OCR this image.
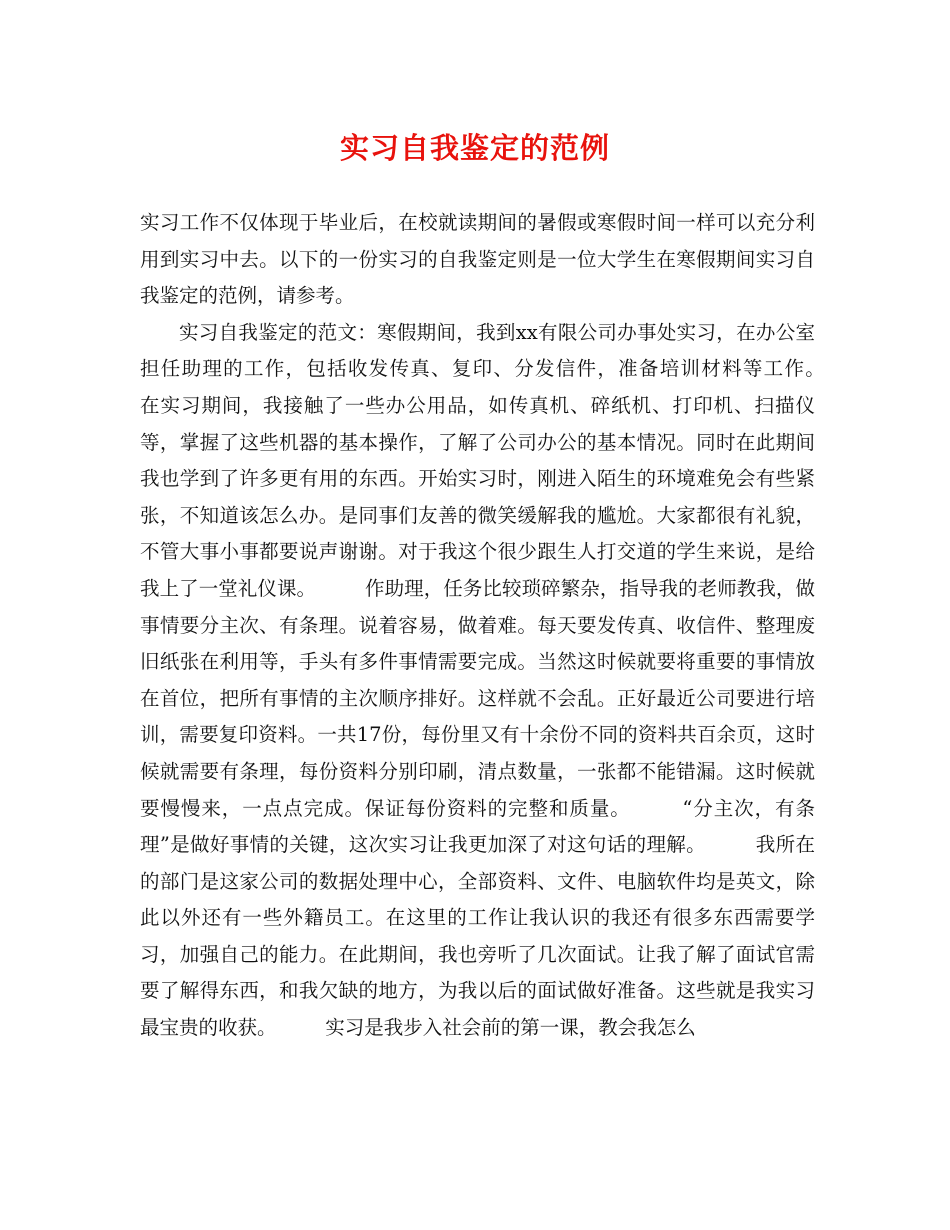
实习自我鉴定的范例

实习工作不仅体现于毕业后，在校就读期间的暑假或寒假时间一样可以充分利用到实习中去。以下的一份实习的自我鉴定则是一位大学生在寒假期间实习自我鉴定的范例，请参考。

实习自我鉴定的范文：寒假期间，我到xx有限公司办事处实习，在办公室担任助理的工作，包括收发传真、复印、分发信件，准备培训材料等工作。　　　在实习期间，我接触了一些办公用品，如传真机、碎纸机、打印机、扫描仪等，掌握了这些机器的基本操作，了解了公司办公的基本情况。同时在此期间我也学到了许多更有用的东西。开始实习时，刚进入陌生的环境难免会有些紧张，不知道该怎么办。是同事们友善的微笑缓解我的尴尬。大家都很有礼貌，不管大事小事都要说声谢谢。对于我这个很少跟生人打交道的学生来说，是给我上了一堂礼仪课。　　　作助理，任务比较琐碎繁杂，指导我的老师教我，做事情要分主次、有条理。说着容易，做着难。每天要发传真、收信件、整理废旧纸张在利用等，手头有多件事情需要完成。当然这时候就要将重要的事情放在首位，把所有事情的主次顺序排好。这样就不会乱。正好最近公司要进行培训，需要复印资料。一共17份，每份里又有十余份不同的资料共百余页，这时候就需要有条理，每份资料分别印刷，清点数量，一张都不能错漏。这时候就要慢慢来，一点点完成。保证每份资料的完整和质量。　　　“分主次，有条理”是做好事情的关键，这次实习让我更加深了对这句话的理解。　　　我所在的部门是这家公司的数据处理中心，全部资料、文件、电脑软件均是英文，除此以外还有一些外籍员工。在这里的工作让我认识的我还有很多东西需要学习，加强自己的能力。在此期间，我也旁听了几次面试。让我了解了面试官需要了解得东西，和我欠缺的地方，为我以后的面试做好准备。这些就是我实习最宝贵的收获。　　　实习是我步入社会前的第一课，教会我怎么
